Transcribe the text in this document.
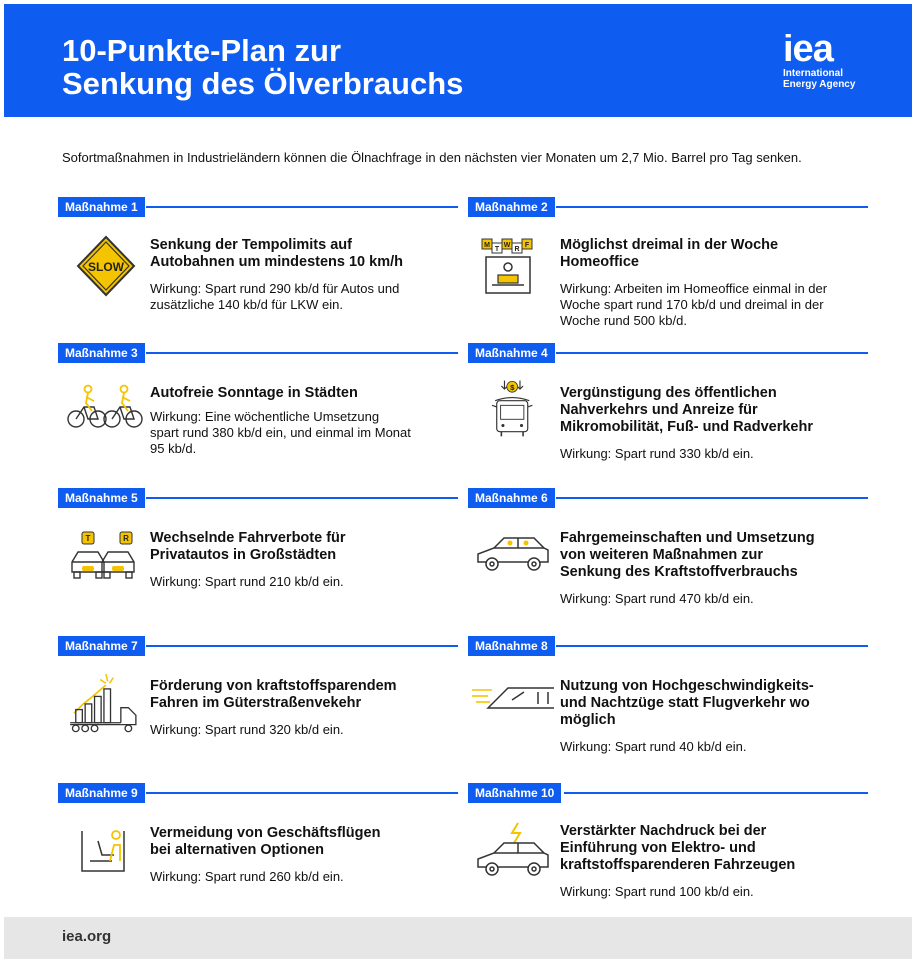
10-Punkte-Plan zur
Senkung des Ölverbrauchs
iea
International
Energy Agency

Sofortmaßnahmen in Industrieländern können die Ölnachfrage in den nächsten vier Monaten um 2,7 Mio. Barrel pro Tag senken.

Maßnahme 1
SLOW

Senkung der Tempolimits auf
Autobahnen um mindestens 10 km/h

Wirkung: Spart rund 290 kb/d für Autos und
zusätzliche 140 kb/d für LKW ein.

Maßnahme 2
M
T
W
R
F Möglichst dreimal in der Woche
Homeoffice

Wirkung: Arbeiten im Homeoffice einmal in der
Woche spart rund 170 kb/d und dreimal in der
Woche rund 500 kb/d.

Maßnahme 3

Autofreie Sonntage in Städten

Wirkung: Eine wöchentliche Umsetzung
spart rund 380 kb/d ein, und einmal im Monat
95 kb/d.

Maßnahme 4
$	Vergünstigung des öffentlichen
Nahverkehrs und Anreize für
Mikromobilität, Fuß- und Radverkehr

Wirkung: Spart rund 330 kb/d ein.

Maßnahme 5
T	R Wechselnde Fahrverbote für
Privatautos in Großstädten

Wirkung: Spart rund 210 kb/d ein.

Maßnahme 6

Fahrgemeinschaften und Umsetzung
von weiteren Maßnahmen zur
Senkung des Kraftstoffverbrauchs

Wirkung: Spart rund 470 kb/d ein.

Maßnahme 7

Förderung von kraftstoffsparendem
Fahren im Güterstraßenvekehr

Wirkung: Spart rund 320 kb/d ein.

Maßnahme 8

Nutzung von Hochgeschwindigkeits-
und Nachtzüge statt Flugverkehr wo
möglich

Wirkung: Spart rund 40 kb/d ein.

Maßnahme 9

Vermeidung von Geschäftsflügen
bei alternativen Optionen

Wirkung: Spart rund 260 kb/d ein.

Maßnahme 10

Verstärkter Nachdruck bei der
Einführung von Elektro- und
kraftstoffsparenderen Fahrzeugen

Wirkung: Spart rund 100 kb/d ein.

iea.org
